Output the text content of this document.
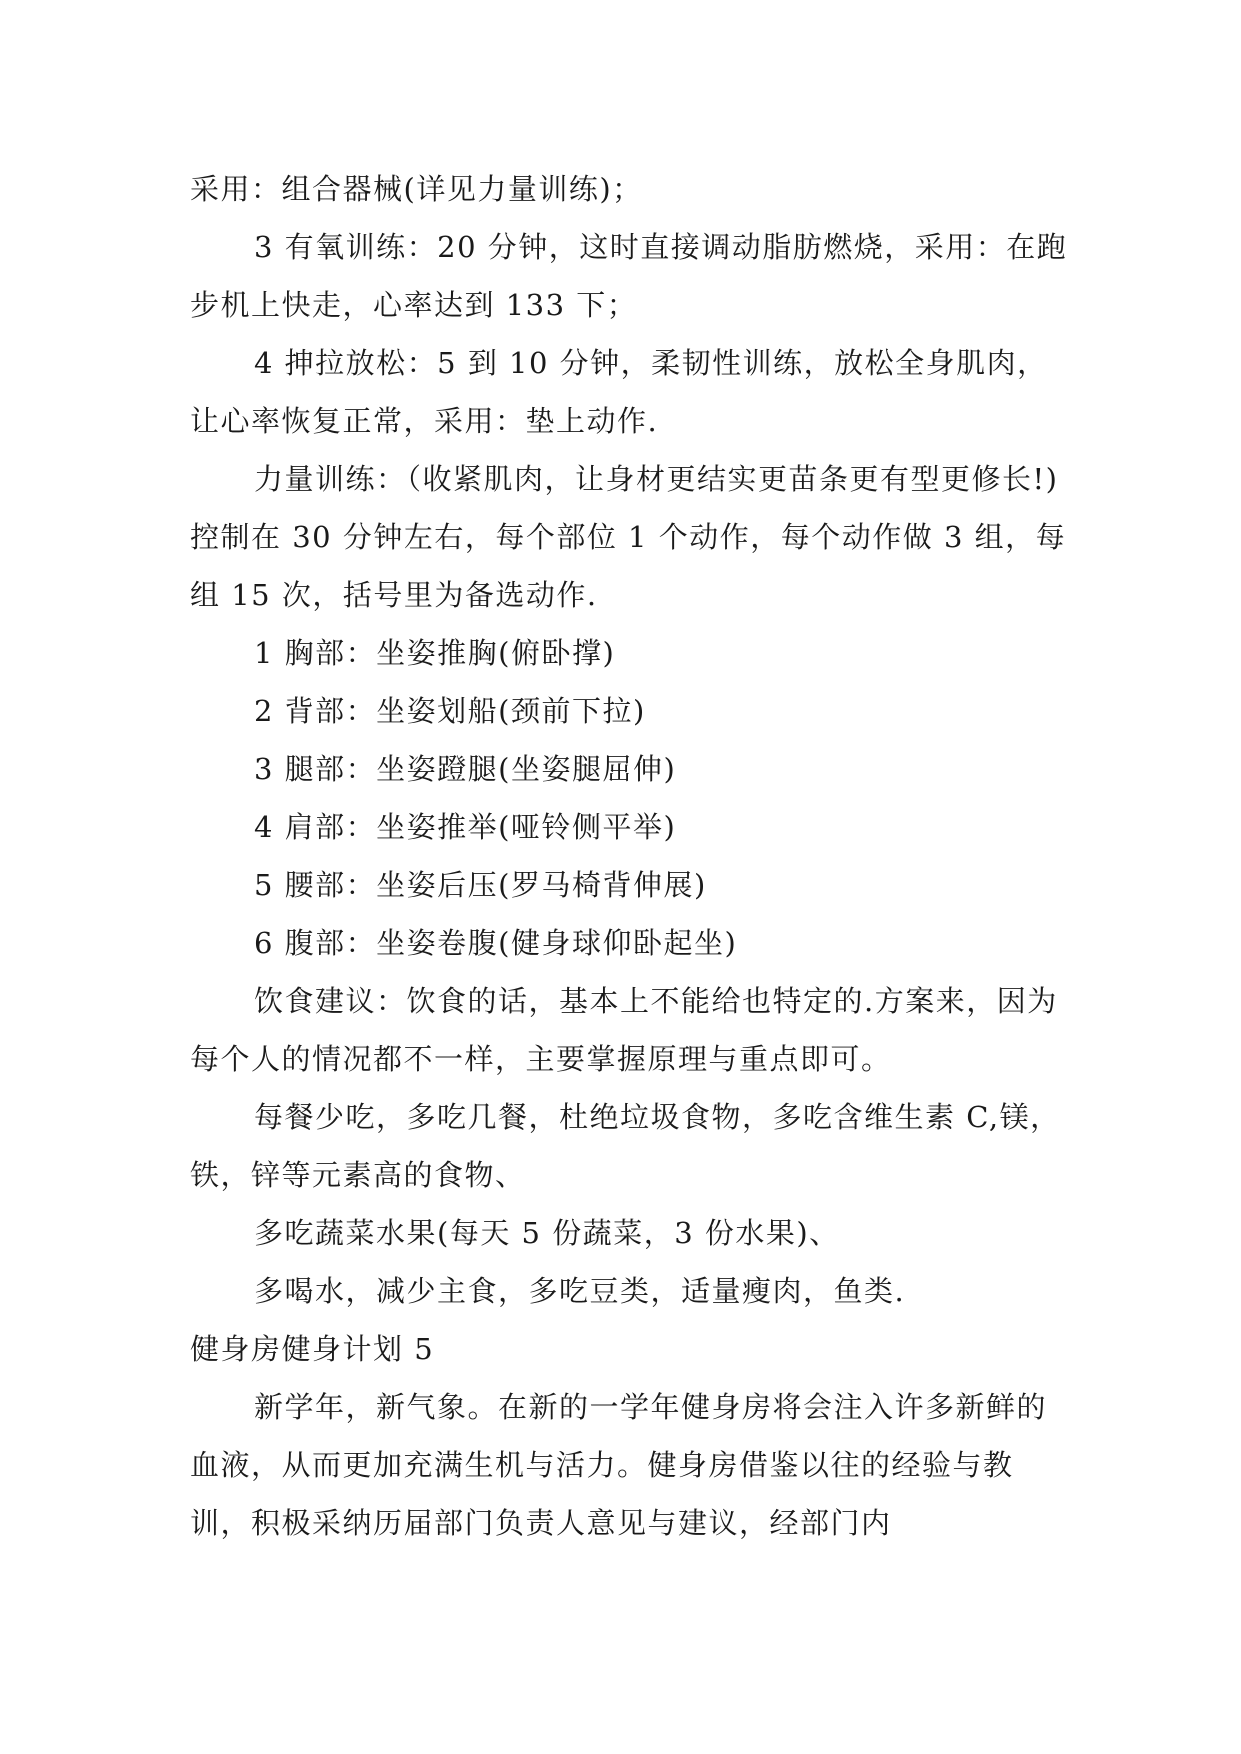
采用：组合器械(详见力量训练)；

3 有氧训练：20 分钟，这时直接调动脂肪燃烧，采用：在跑步机上快走，心率达到 133 下；

4 抻拉放松：5 到 10 分钟，柔韧性训练，放松全身肌肉，让心率恢复正常，采用：垫上动作.

力量训练：（收紧肌肉，让身材更结实更苗条更有型更修长!)控制在 30 分钟左右，每个部位 1 个动作，每个动作做 3 组，每组 15 次，括号里为备选动作.

1 胸部：坐姿推胸(俯卧撑)

2 背部：坐姿划船(颈前下拉)

3 腿部：坐姿蹬腿(坐姿腿屈伸)

4 肩部：坐姿推举(哑铃侧平举)

5 腰部：坐姿后压(罗马椅背伸展)

6 腹部：坐姿卷腹(健身球仰卧起坐)

饮食建议：饮食的话，基本上不能给也特定的.方案来，因为每个人的情况都不一样，主要掌握原理与重点即可。

每餐少吃，多吃几餐，杜绝垃圾食物，多吃含维生素 C,镁，铁，锌等元素高的食物、

多吃蔬菜水果(每天 5 份蔬菜，3 份水果)、

多喝水，减少主食，多吃豆类，适量瘦肉，鱼类.

健身房健身计划 5

新学年，新气象。在新的一学年健身房将会注入许多新鲜的血液，从而更加充满生机与活力。健身房借鉴以往的经验与教训，积极采纳历届部门负责人意见与建议，经部门内
